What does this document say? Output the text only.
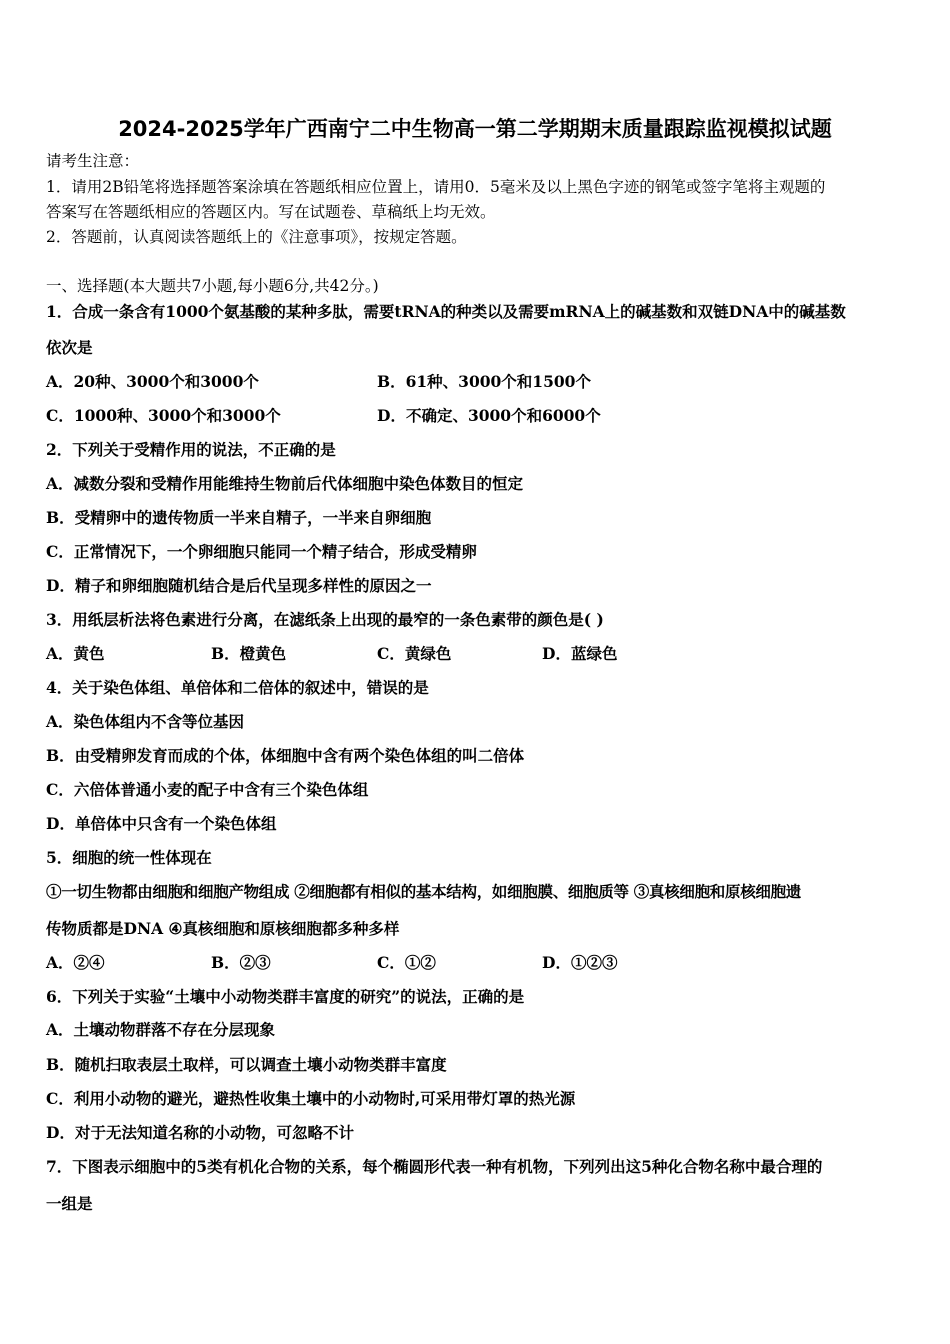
2024-2025学年广西南宁二中生物高一第二学期期末质量跟踪监视模拟试题
请考生注意：
1．请用2B铅笔将选择题答案涂填在答题纸相应位置上，请用0．5毫米及以上黑色字迹的钢笔或签字笔将主观题的
答案写在答题纸相应的答题区内。写在试题卷、草稿纸上均无效。
2．答题前，认真阅读答题纸上的《注意事项》，按规定答题。
一、选择题(本大题共7小题,每小题6分,共42分。)
1．合成一条含有1000个氨基酸的某种多肽，需要tRNA的种类以及需要mRNA上的碱基数和双链DNA中的碱基数
依次是
A．20种、3000个和3000个	B．61种、3000个和1500个
C．1000种、3000个和3000个	D．不确定、3000个和6000个
2．下列关于受精作用的说法，不正确的是
A．减数分裂和受精作用能维持生物前后代体细胞中染色体数目的恒定
B．受精卵中的遗传物质一半来自精子，一半来自卵细胞
C．正常情况下，一个卵细胞只能同一个精子结合，形成受精卵
D．精子和卵细胞随机结合是后代呈现多样性的原因之一
3．用纸层析法将色素进行分离，在滤纸条上出现的最窄的一条色素带的颜色是( )
A．黄色	B．橙黄色	C．黄绿色	D．蓝绿色
4．关于染色体组、单倍体和二倍体的叙述中，错误的是
A．染色体组内不含等位基因
B．由受精卵发育而成的个体，体细胞中含有两个染色体组的叫二倍体
C．六倍体普通小麦的配子中含有三个染色体组
D．单倍体中只含有一个染色体组
5．细胞的统一性体现在
①一切生物都由细胞和细胞产物组成 ②细胞都有相似的基本结构，如细胞膜、细胞质等 ③真核细胞和原核细胞遗
传物质都是DNA ④真核细胞和原核细胞都多种多样
A．②④	B．②③	C．①②	D．①②③
6．下列关于实验“土壤中小动物类群丰富度的研究”的说法，正确的是
A．土壤动物群落不存在分层现象
B．随机扫取表层土取样，可以调查土壤小动物类群丰富度
C．利用小动物的避光，避热性收集土壤中的小动物时,可采用带灯罩的热光源
D．对于无法知道名称的小动物，可忽略不计
7．下图表示细胞中的5类有机化合物的关系，每个椭圆形代表一种有机物，下列列出这5种化合物名称中最合理的
一组是
